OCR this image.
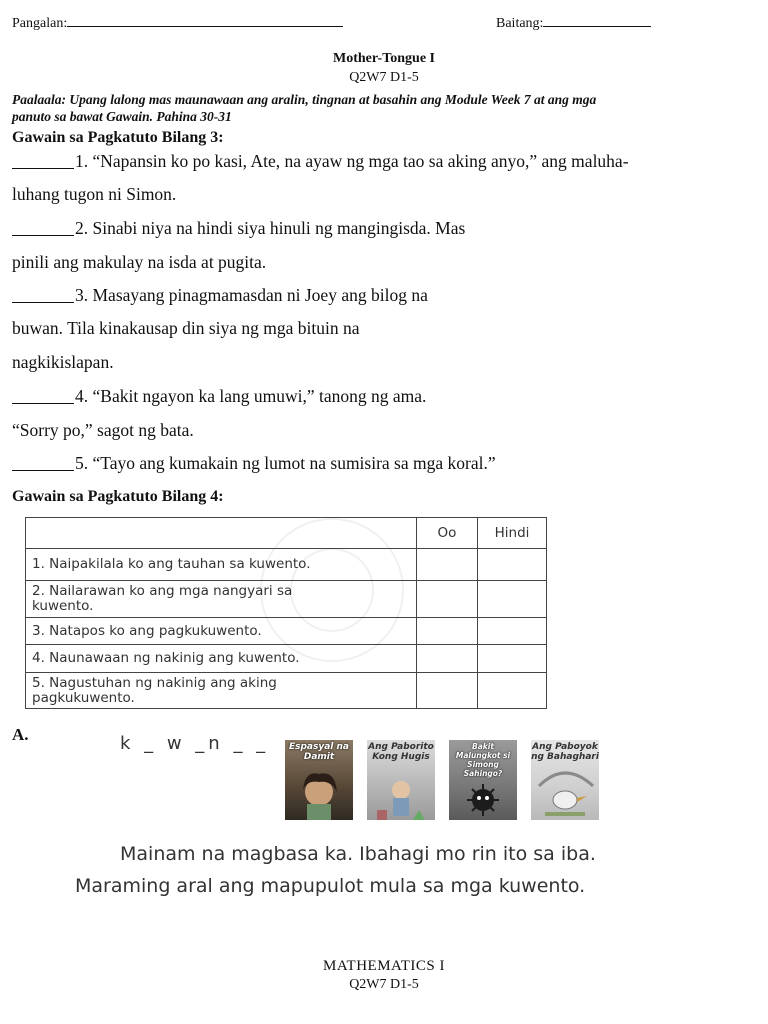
Pangalan:	Baitang:
Mother-Tongue I
Q2W7 D1-5
Paalaala: Upang lalong mas maunawaan ang aralin, tingnan at basahin ang Module Week 7 at ang mga
panuto sa bawat Gawain. Pahina 30-31
Gawain sa Pagkatuto Bilang 3:
1. “Napansin ko po kasi, Ate, na ayaw ng mga tao sa aking anyo,” ang maluha-
luhang tugon ni Simon.
2. Sinabi niya na hindi siya hinuli ng mangingisda. Mas
pinili ang makulay na isda at pugita.
3. Masayang pinagmamasdan ni Joey ang bilog na
buwan. Tila kinakausap din siya ng mga bituin na
nagkikislapan.
4. “Bakit ngayon ka lang umuwi,” tanong ng ama.
“Sorry po,” sagot ng bata.
5. “Tayo ang kumakain ng lumot na sumisira sa mga koral.”
Gawain sa Pagkatuto Bilang 4:
	Oo	Hindi
1. Naipakilala ko ang tauhan sa kuwento.		
2. Nailarawan ko ang mga nangyari sa kuwento.		
3. Natapos ko ang pagkukuwento.		
4. Naunawaan ng nakinig ang kuwento.		
5. Nagustuhan ng nakinig ang aking pagkukuwento.		
A.	k _ w _n _ _	Espasyal na Damit
Ang Paborito Kong Hugis
Bakit Malungkot si Simong Sahingo?
Ang Paboyok ng Bahaghari
Mainam na magbasa ka. Ibahagi mo rin ito sa iba.
Maraming aral ang mapupulot mula sa mga kuwento.
MATHEMATICS I
Q2W7 D1-5
